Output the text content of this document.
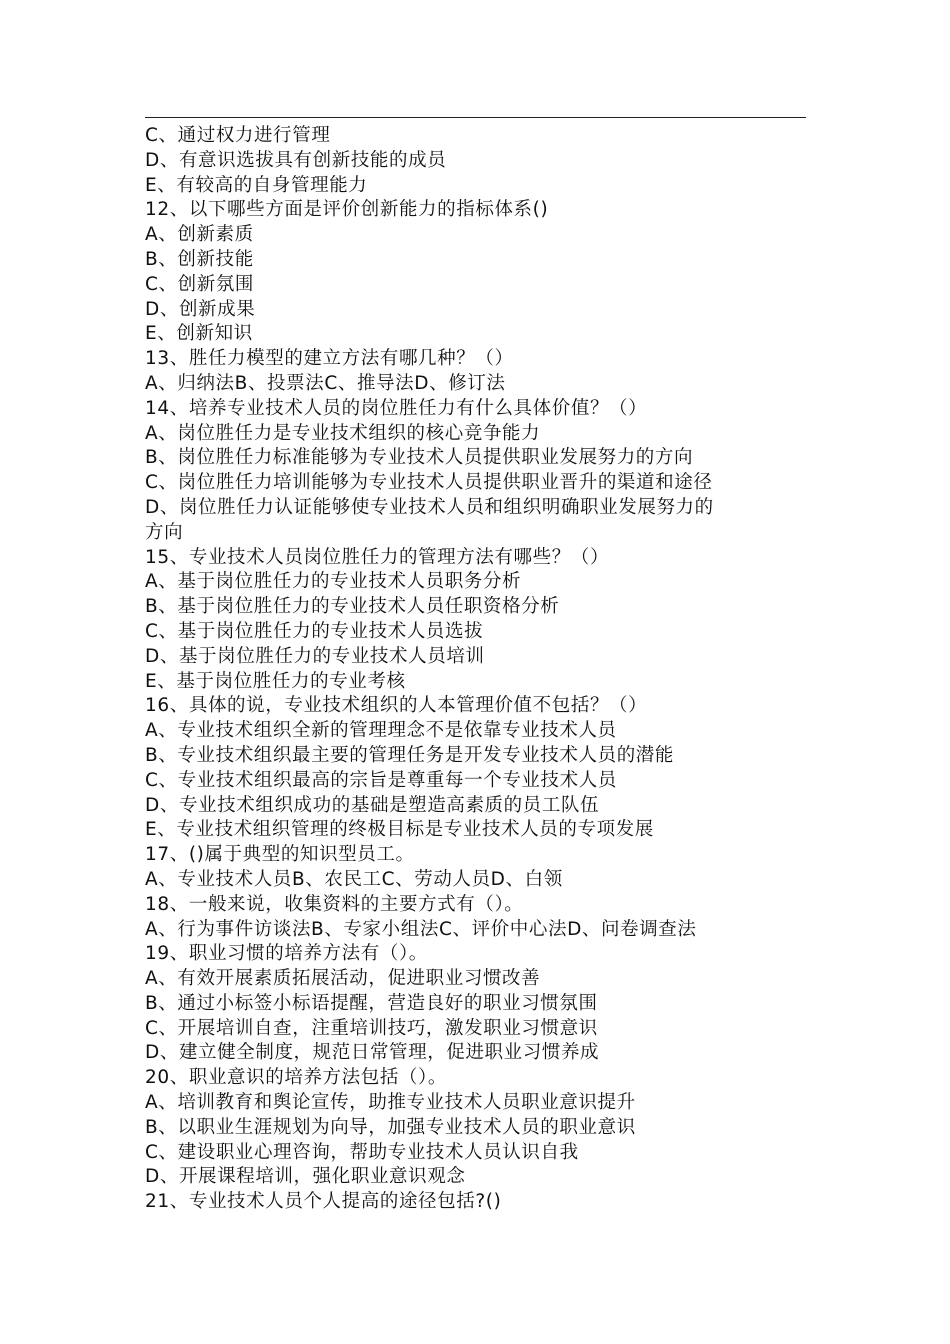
C、通过权力进行管理
D、有意识选拔具有创新技能的成员
E、有较高的自身管理能力
12、以下哪些方面是评价创新能力的指标体系()
A、创新素质
B、创新技能
C、创新氛围
D、创新成果
E、创新知识
13、胜任力模型的建立方法有哪几种？（）
A、归纳法B、投票法C、推导法D、修订法
14、培养专业技术人员的岗位胜任力有什么具体价值？（）
A、岗位胜任力是专业技术组织的核心竞争能力
B、岗位胜任力标准能够为专业技术人员提供职业发展努力的方向
C、岗位胜任力培训能够为专业技术人员提供职业晋升的渠道和途径
D、岗位胜任力认证能够使专业技术人员和组织明确职业发展努力的
方向
15、专业技术人员岗位胜任力的管理方法有哪些？（）
A、基于岗位胜任力的专业技术人员职务分析
B、基于岗位胜任力的专业技术人员任职资格分析
C、基于岗位胜任力的专业技术人员选拔
D、基于岗位胜任力的专业技术人员培训
E、基于岗位胜任力的专业考核
16、具体的说，专业技术组织的人本管理价值不包括？（）
A、专业技术组织全新的管理理念不是依靠专业技术人员
B、专业技术组织最主要的管理任务是开发专业技术人员的潜能
C、专业技术组织最高的宗旨是尊重每一个专业技术人员
D、专业技术组织成功的基础是塑造高素质的员工队伍
E、专业技术组织管理的终极目标是专业技术人员的专项发展
17、()属于典型的知识型员工。
A、专业技术人员B、农民工C、劳动人员D、白领
18、一般来说，收集资料的主要方式有（）。
A、行为事件访谈法B、专家小组法C、评价中心法D、问卷调查法
19、职业习惯的培养方法有（）。
A、有效开展素质拓展活动，促进职业习惯改善
B、通过小标签小标语提醒，营造良好的职业习惯氛围
C、开展培训自查，注重培训技巧，激发职业习惯意识
D、建立健全制度，规范日常管理，促进职业习惯养成
20、职业意识的培养方法包括（）。
A、培训教育和舆论宣传，助推专业技术人员职业意识提升
B、以职业生涯规划为向导，加强专业技术人员的职业意识
C、建设职业心理咨询，帮助专业技术人员认识自我
D、开展课程培训，强化职业意识观念
21、专业技术人员个人提高的途径包括?()
